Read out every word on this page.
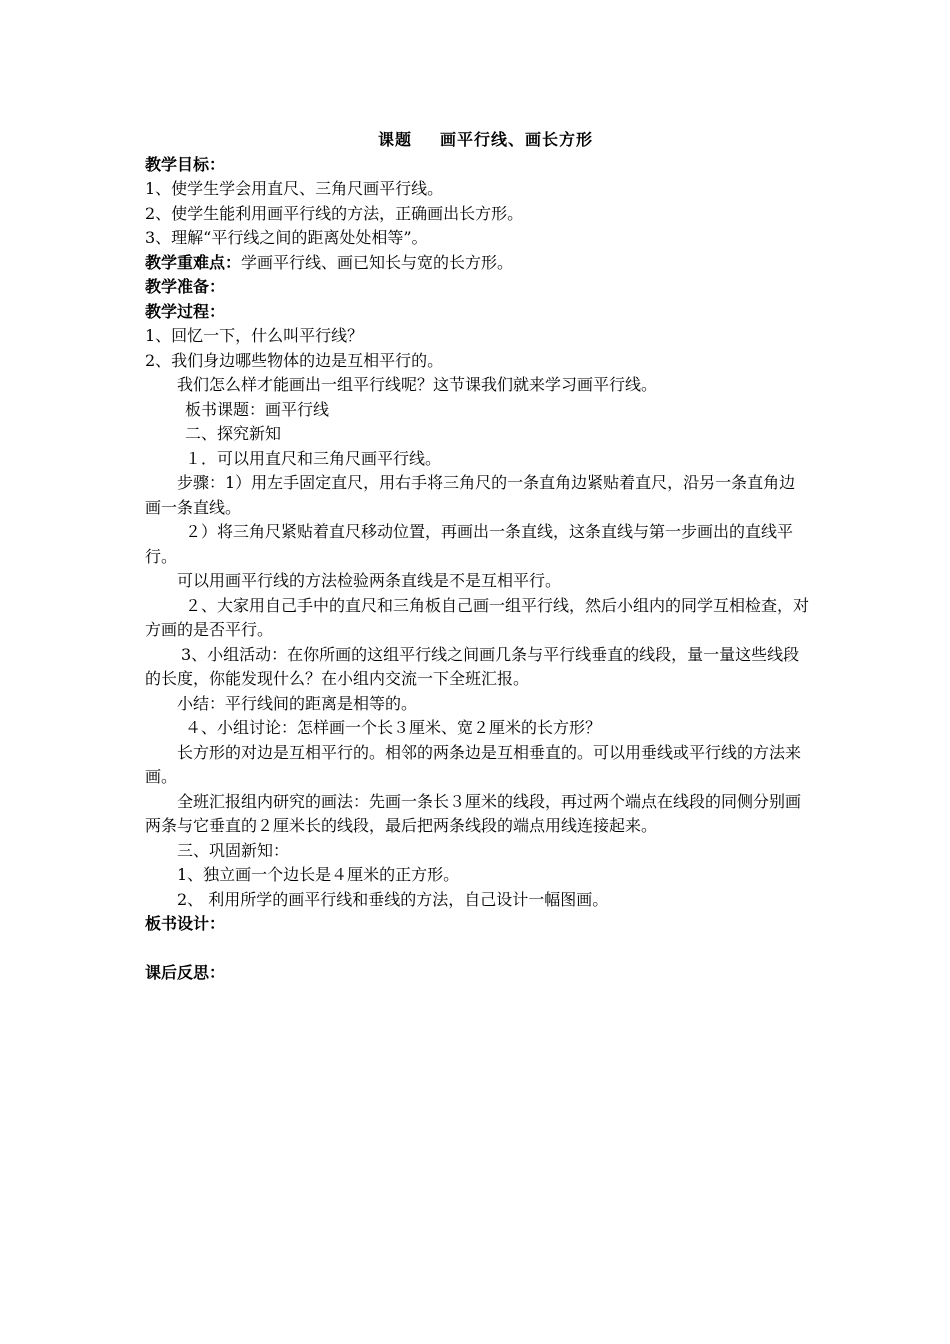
课题 画平行线、画长方形
教学目标：
1、使学生学会用直尺、三角尺画平行线。
2、使学生能利用画平行线的方法，正确画出长方形。
3、理解“平行线之间的距离处处相等”。
教学重难点：学画平行线、画已知长与宽的长方形。
教学准备：
教学过程：
1、回忆一下，什么叫平行线？
2、我们身边哪些物体的边是互相平行的。
我们怎么样才能画出一组平行线呢？这节课我们就来学习画平行线。
板书课题：画平行线
二、探究新知
１．可以用直尺和三角尺画平行线。
步骤：1）用左手固定直尺，用右手将三角尺的一条直角边紧贴着直尺，沿另一条直角边画一条直线。
２）将三角尺紧贴着直尺移动位置，再画出一条直线，这条直线与第一步画出的直线平行。
可以用画平行线的方法检验两条直线是不是互相平行。
２、大家用自己手中的直尺和三角板自己画一组平行线，然后小组内的同学互相检查，对方画的是否平行。
3、小组活动：在你所画的这组平行线之间画几条与平行线垂直的线段，量一量这些线段的长度，你能发现什么？在小组内交流一下全班汇报。
小结：平行线间的距离是相等的。
４、小组讨论：怎样画一个长３厘米、宽２厘米的长方形？
长方形的对边是互相平行的。相邻的两条边是互相垂直的。可以用垂线或平行线的方法来画。
全班汇报组内研究的画法：先画一条长３厘米的线段，再过两个端点在线段的同侧分别画两条与它垂直的２厘米长的线段，最后把两条线段的端点用线连接起来。
三、巩固新知：
1、独立画一个边长是４厘米的正方形。
2、 利用所学的画平行线和垂线的方法，自己设计一幅图画。
板书设计：
课后反思：
